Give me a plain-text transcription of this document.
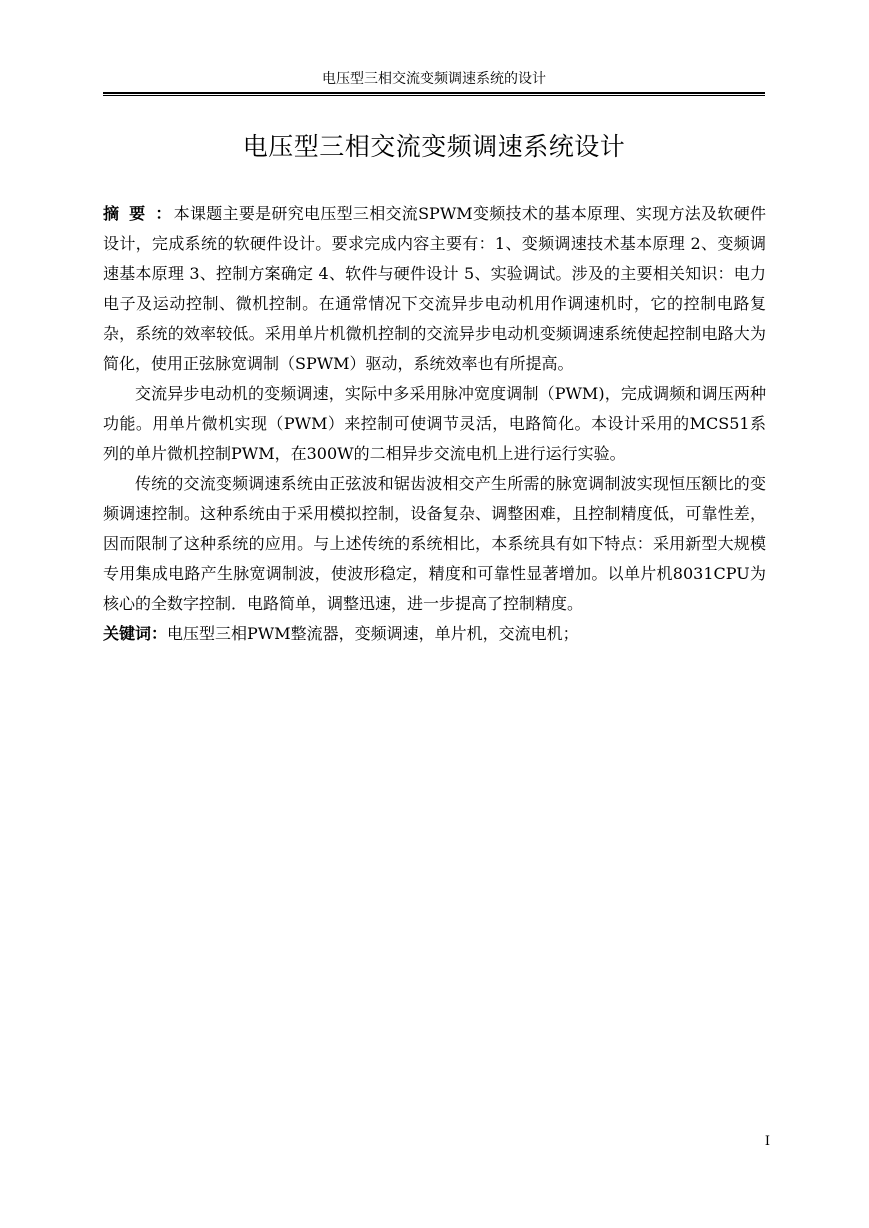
电压型三相交流变频调速系统的设计
电压型三相交流变频调速系统设计

摘 要 ：本课题主要是研究电压型三相交流SPWM变频技术的基本原理、实现方法及软硬件设计，完成系统的软硬件设计。要求完成内容主要有：1、变频调速技术基本原理 2、变频调速基本原理 3、控制方案确定 4、软件与硬件设计 5、实验调试。涉及的主要相关知识：电力电子及运动控制、微机控制。在通常情况下交流异步电动机用作调速机时，它的控制电路复杂，系统的效率较低。采用单片机微机控制的交流异步电动机变频调速系统使起控制电路大为简化，使用正弦脉宽调制（SPWM）驱动，系统效率也有所提高。

交流异步电动机的变频调速，实际中多采用脉冲宽度调制（PWM)，完成调频和调压两种功能。用单片微机实现（PWM）来控制可使调节灵活，电路简化。本设计采用的MCS51系列的单片微机控制PWM，在300W的二相异步交流电机上进行运行实验。

传统的交流变频调速系统由正弦波和锯齿波相交产生所需的脉宽调制波实现恒压额比的变频调速控制。这种系统由于采用模拟控制，设备复杂、调整困难，且控制精度低，可靠性差，因而限制了这种系统的应用。与上述传统的系统相比，本系统具有如下特点：采用新型大规模专用集成电路产生脉宽调制波，使波形稳定，精度和可靠性显著增加。以单片机8031CPU为核心的全数字控制．电路简单，调整迅速，进一步提高了控制精度。

关键词：电压型三相PWM整流器，变频调速，单片机，交流电机；

I
